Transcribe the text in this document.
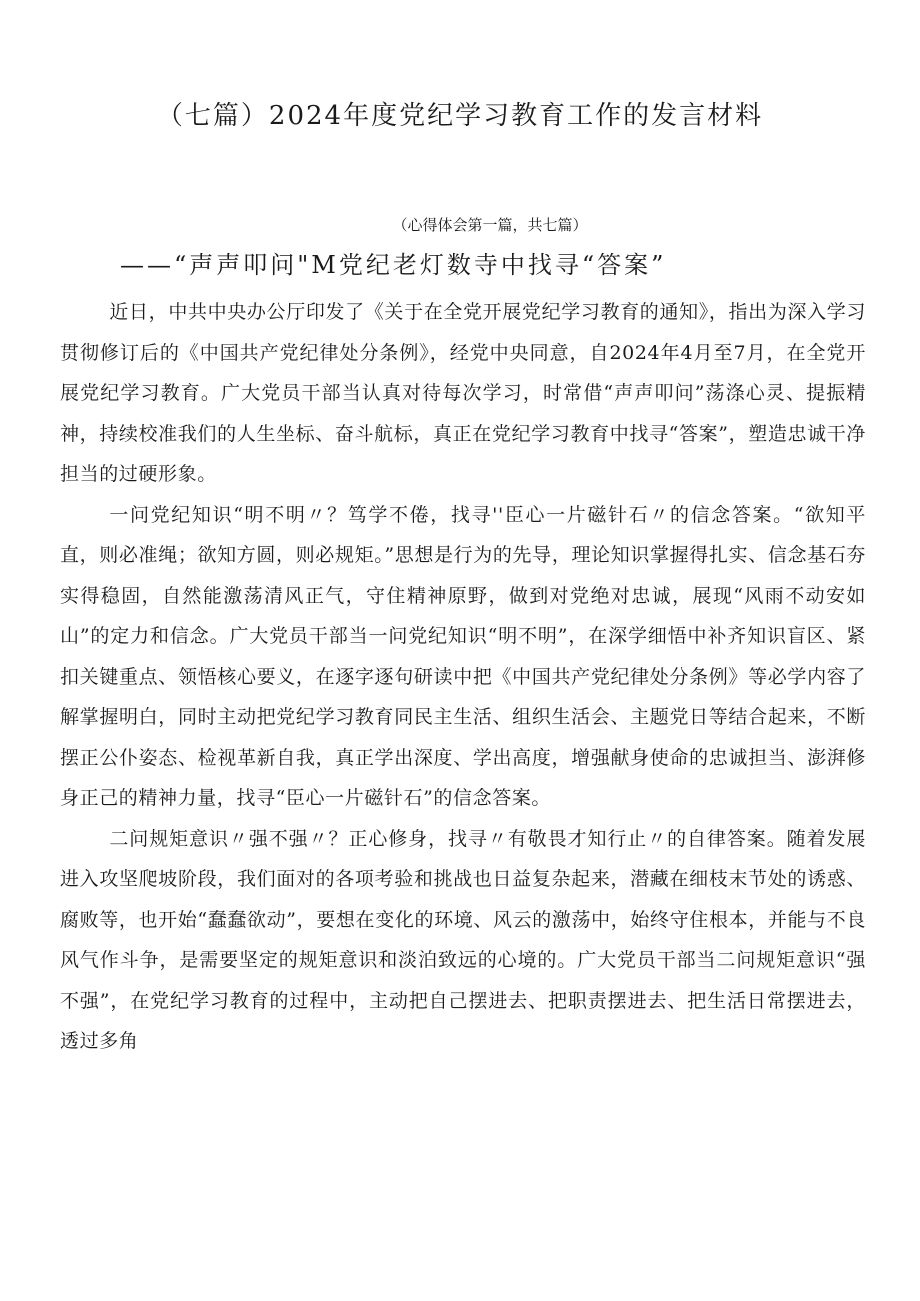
（七篇）2024年度党纪学习教育工作的发言材料
（心得体会第一篇，共七篇）
——“声声叩问"M党纪老灯数寺中找寻“答案”

近日，中共中央办公厅印发了《关于在全党开展党纪学习教育的通知》，指出为深入学习贯彻修订后的《中国共产党纪律处分条例》，经党中央同意，自2024年4月至7月，在全党开展党纪学习教育。广大党员干部当认真对待每次学习，时常借“声声叩问”荡涤心灵、提振精神，持续校准我们的人生坐标、奋斗航标，真正在党纪学习教育中找寻“答案”，塑造忠诚干净担当的过硬形象。

一问党纪知识“明不明〃？笃学不倦，找寻''臣心一片磁针石〃的信念答案。“欲知平直，则必准绳；欲知方圆，则必规矩。”思想是行为的先导，理论知识掌握得扎实、信念基石夯实得稳固，自然能激荡清风正气，守住精神原野，做到对党绝对忠诚，展现“风雨不动安如山”的定力和信念。广大党员干部当一问党纪知识“明不明”，在深学细悟中补齐知识盲区、紧扣关键重点、领悟核心要义，在逐字逐句研读中把《中国共产党纪律处分条例》等必学内容了解掌握明白，同时主动把党纪学习教育同民主生活、组织生活会、主题党日等结合起来，不断摆正公仆姿态、检视革新自我，真正学出深度、学出高度，增强献身使命的忠诚担当、澎湃修身正己的精神力量，找寻“臣心一片磁针石”的信念答案。

二问规矩意识〃强不强〃？正心修身，找寻〃有敬畏才知行止〃的自律答案。随着发展进入攻坚爬坡阶段，我们面对的各项考验和挑战也日益复杂起来，潜藏在细枝末节处的诱惑、腐败等，也开始“蠢蠢欲动”，要想在变化的环境、风云的激荡中，始终守住根本，并能与不良风气作斗争，是需要坚定的规矩意识和淡泊致远的心境的。广大党员干部当二问规矩意识“强不强”，在党纪学习教育的过程中，主动把自己摆进去、把职责摆进去、把生活日常摆进去，透过多角
